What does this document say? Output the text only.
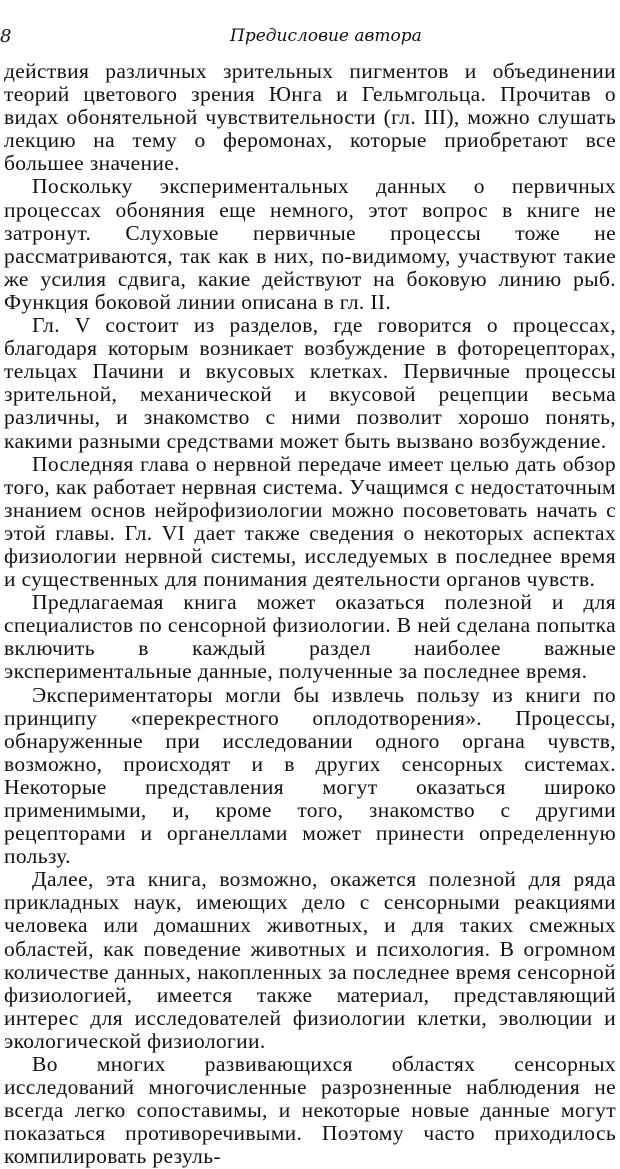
8	Предисловие автора

действия различных зрительных пигментов и объединении теорий цветового зрения Юнга и Гельмгольца. Прочитав о видах обонятельной чувствительности (гл. III), можно слушать лекцию на тему о феромонах, которые приобретают все большее значение.

Поскольку экспериментальных данных о первичных процессах обоняния еще немного, этот вопрос в книге не затронут. Слуховые первичные процессы тоже не рассматриваются, так как в них, по-видимому, участвуют такие же усилия сдвига, какие действуют на боковую линию рыб. Функция боковой линии описана в гл. II.

Гл. V состоит из разделов, где говорится о процессах, благодаря которым возникает возбуждение в фоторецепторах, тельцах Пачини и вкусовых клетках. Первичные процессы зрительной, механической и вкусовой рецепции весьма различны, и знакомство с ними позволит хорошо понять, какими разными средствами может быть вызвано возбуждение.

Последняя глава о нервной передаче имеет целью дать обзор того, как работает нервная система. Учащимся с недостаточным знанием основ нейрофизиологии можно посоветовать начать с этой главы. Гл. VI дает также сведения о некоторых аспектах физиологии нервной системы, исследуемых в последнее время и существенных для понимания деятельности органов чувств.

Предлагаемая книга может оказаться полезной и для специалистов по сенсорной физиологии. В ней сделана попытка включить в каждый раздел наиболее важные экспериментальные данные, полученные за последнее время.

Экспериментаторы могли бы извлечь пользу из книги по принципу «перекрестного оплодотворения». Процессы, обнаруженные при исследовании одного органа чувств, возможно, происходят и в других сенсорных системах. Некоторые представления могут оказаться широко применимыми, и, кроме того, знакомство с другими рецепторами и органеллами может принести определенную пользу.

Далее, эта книга, возможно, окажется полезной для ряда прикладных наук, имеющих дело с сенсорными реакциями человека или домашних животных, и для таких смежных областей, как поведение животных и психология. В огромном количестве данных, накопленных за последнее время сенсорной физиологией, имеется также материал, представляющий интерес для исследователей физиологии клетки, эволюции и экологической физиологии.

Во многих развивающихся областях сенсорных исследований многочисленные разрозненные наблюдения не всегда легко сопоставимы, и некоторые новые данные могут показаться противоречивыми. Поэтому часто приходилось компилировать резуль-
